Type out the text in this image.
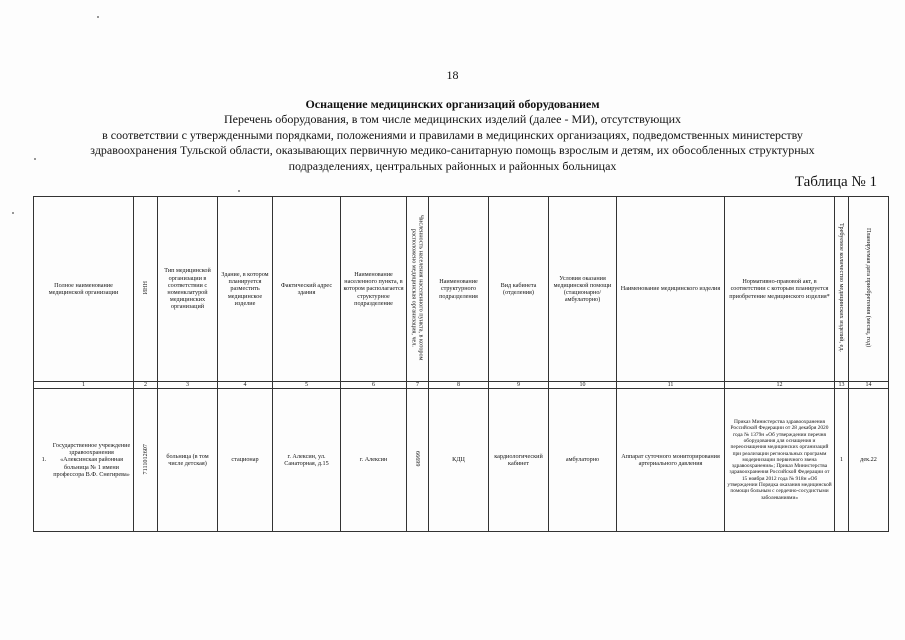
18
Оснащение медицинских организаций оборудованием
Перечень оборудования, в том числе медицинских изделий (далее - МИ), отсутствующих
в соответствии с утвержденными порядками, положениями и правилами в медицинских организациях, подведомственных министерству
здравоохранения Тульской области, оказывающих первичную медико-санитарную помощь взрослым и детям, их обособленных структурных
подразделениях, центральных районных и районных больницах
Таблица № 1
Полное наименование медицинской организации	ИНН	Тип медицинской организации в соответствии с номенклатурой медицинских организаций	Здание, в котором планируется разместить медицинское изделие	Фактический адрес здания	Наименование населенного пункта, в котором располагается структурное подразделение	Численность населения населенного пункта, в котором расположено медицинская организация, чел.	Наименование структурного подразделения	Вид кабинета (отделения)	Условия оказания медицинской помощи (стационарно/ амбулаторно)	Наименование медицинского изделия	Нормативно-правовой акт, в соответствии с которым планируется приобретение медицинского изделия*	Требуемое количество медицинских изделий, ед.	Планируемая дата приобретения (месяц, год)
1	2	3	4	5	6	7	8	9	10	11	12	13	14

1.
Государственное учреждение здравоохранения «Алексинская районная больница № 1 имени профессора В.Ф. Снегирева»	7111012607	больница (в том числе детская)	стационар	г. Алексин, ул. Санаторная, д.15	г. Алексин	66699	КДЦ	кардиологический кабинет	амбулаторно	Аппарат суточного мониторирования артериального давления	Приказ Министерства здравоохранения Российской Федерации от 28 декабря 2020 года № 1379н «Об утверждении перечня оборудования для оснащения и переоснащения медицинских организаций при реализации региональных программ модернизации первичного звена здравоохранения»; Приказ Министерства здравоохранения Российской Федерации от 15 ноября 2012 года № 918н «Об утверждении Порядка оказания медицинской помощи больным с сердечно-сосудистыми заболеваниями»	1	дек.22
